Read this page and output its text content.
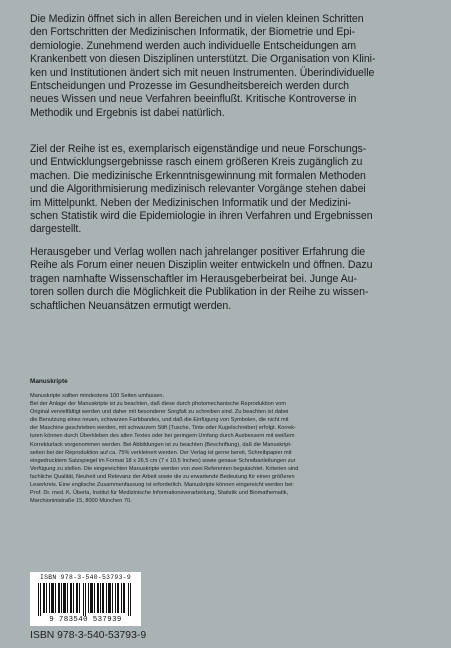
Die Medizin öffnet sich in allen Bereichen und in vielen kleinen Schritten
den Fortschritten der Medizinischen Informatik, der Biometrie und Epi-
demiologie. Zunehmend werden auch individuelle Entscheidungen am
Krankenbett von diesen Disziplinen unterstützt. Die Organisation von Klini-
ken und Institutionen ändert sich mit neuen Instrumenten. Überindividuelle
Entscheidungen und Prozesse im Gesundheitsbereich werden durch
neues Wissen und neue Verfahren beeinflußt. Kritische Kontroverse in
Methodik und Ergebnis ist dabei natürlich.

Ziel der Reihe ist es, exemplarisch eigenständige und neue Forschungs-
und Entwicklungsergebnisse rasch einem größeren Kreis zugänglich zu
machen. Die medizinische Erkenntnisgewinnung mit formalen Methoden
und die Algorithmisierung medizinisch relevanter Vorgänge stehen dabei
im Mittelpunkt. Neben der Medizinischen Informatik und der Medizini-
schen Statistik wird die Epidemiologie in ihren Verfahren und Ergebnissen
dargestellt.

Herausgeber und Verlag wollen nach jahrelanger positiver Erfahrung die
Reihe als Forum einer neuen Disziplin weiter entwickeln und öffnen. Dazu
tragen namhafte Wissenschaftler im Herausgeberbeirat bei. Junge Au-
toren sollen durch die Möglichkeit die Publikation in der Reihe zu wissen-
schaftlichen Neuansätzen ermutigt werden.

Manuskripte

Manuskripte sollten mindestens 100 Seiten umfassen.
Bei der Anlage der Manuskripte ist zu beachten, daß diese durch photomechanische Reproduktion vom
Original vervielfältigt werden und daher mit besonderer Sorgfalt zu schreiben sind. Zu beachten ist dabei
die Benutzung eines neuen, schwarzen Farbbandes, und daß die Einfügung von Symbolen, die nicht mit
der Maschine geschrieben werden, mit schwarzem Stift (Tusche, Tinte oder Kugelschreiber) erfolgt. Korrek-
turen können durch Überkleben des alten Textes oder bei geringem Umfang durch Ausbessern mit weißem
Korrekturlack vorgenommen werden. Bei Abbildungen ist zu beachten (Beschriftung), daß die Manuskript-
seiten bei der Reproduktion auf ca. 75% verkleinert werden. Der Verlag ist gerne bereit, Schreibpapier mit
eingedrucktem Satzspiegel im Format 18 x 26,5 cm (7 x 10,5 Inches) sowie genaue Schreibanleitungen zur
Verfügung zu stellen. Die eingereichten Manuskripte werden von zwei Referenten begutachtet. Kriterien sind
fachliche Qualität, Neuheit und Relevanz der Arbeit sowie die zu erwartende Bedeutung für einen größeren
Leserkreis. Eine englische Zusammenfassung ist erforderlich. Manuskripte können eingereicht werden bei:
Prof. Dr. med. K. Überla, Institut für Medizinische Informationsverarbeitung, Statistik und Biomathematik,
Marchioninistraße 15, 8000 München 70.

ISBN 978-3-540-53793-9
9 783540 537939

ISBN 978-3-540-53793-9
